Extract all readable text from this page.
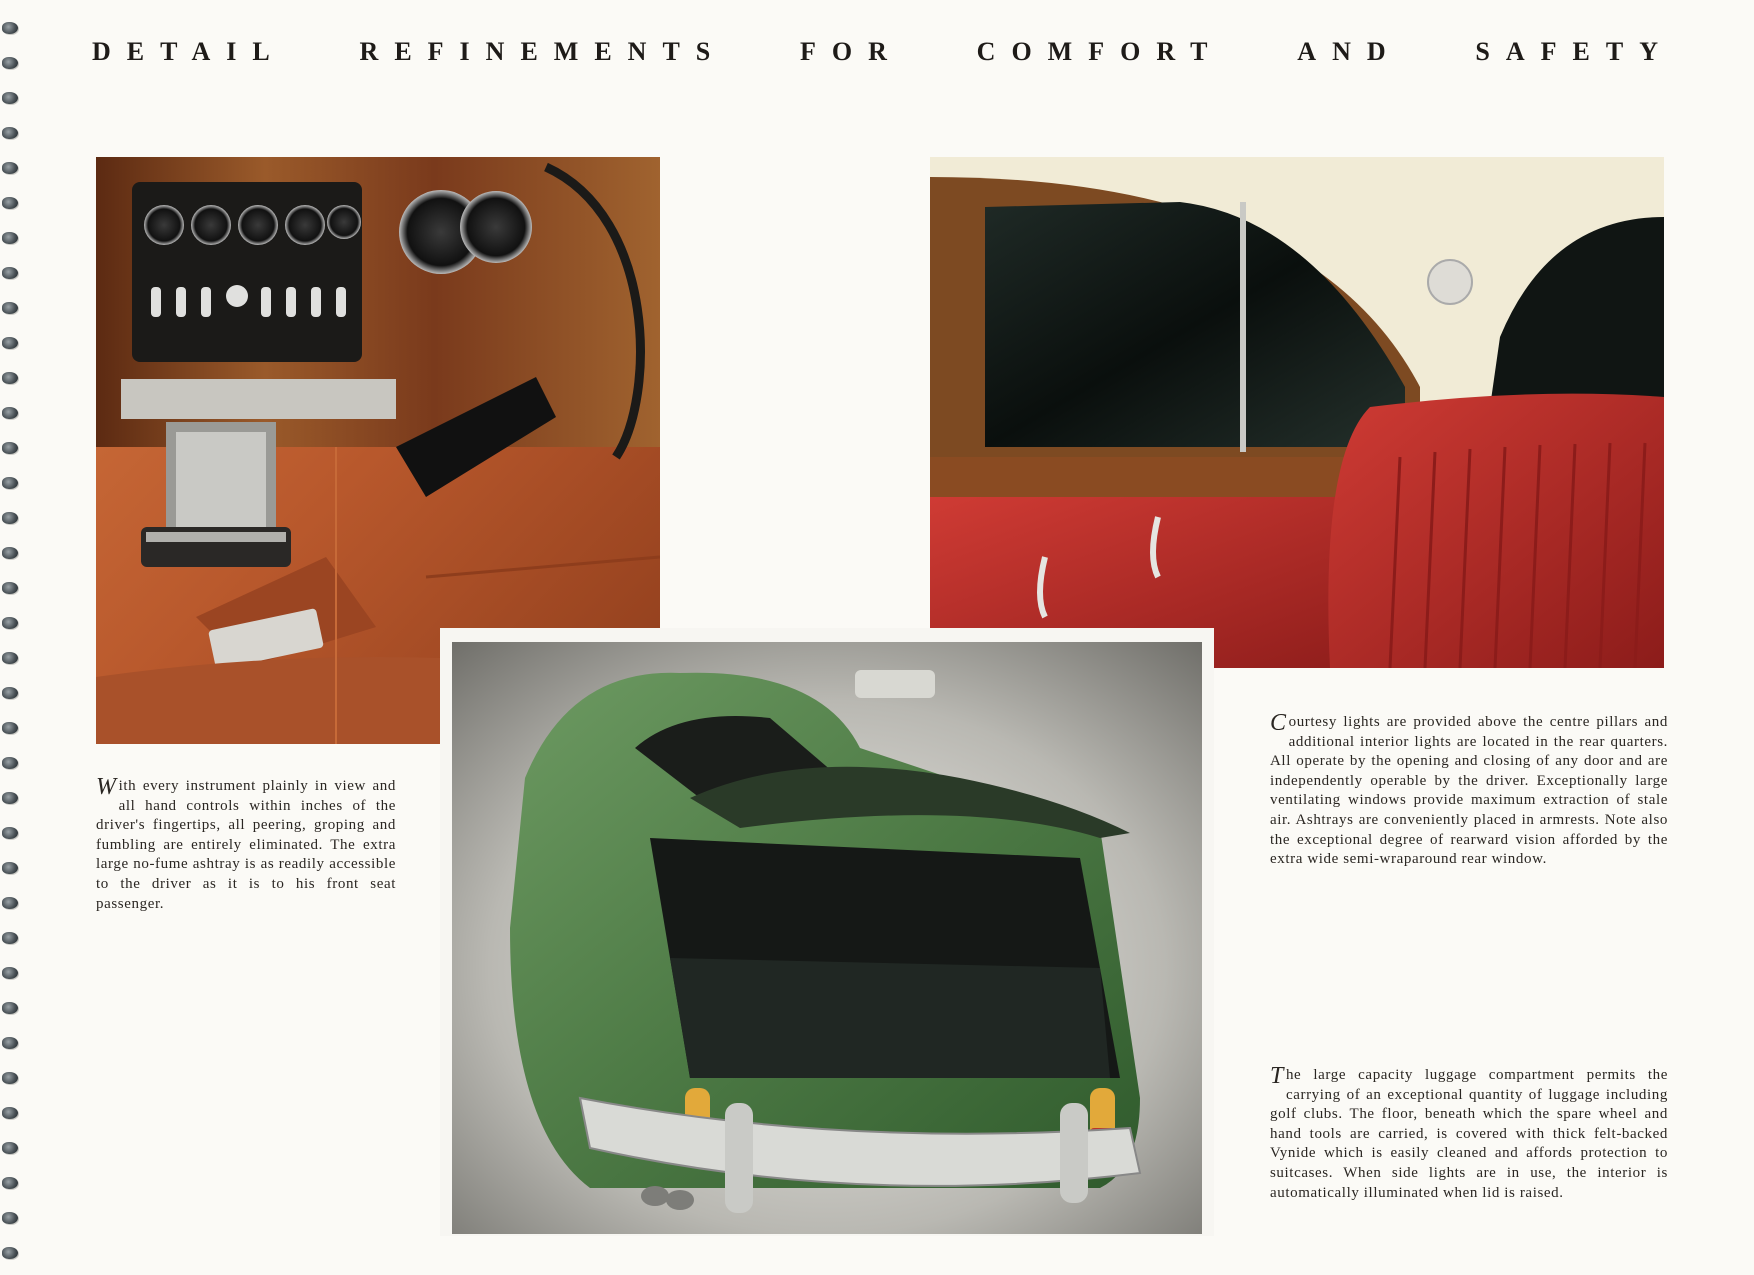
DETAIL	REFINEMENTS	FOR	COMFORT	AND	SAFETY
With every instrument plainly in view and all hand controls within inches of the driver's fingertips, all peering, groping and fumbling are entirely eliminated. The extra large no-fume ashtray is as readily accessible to the driver as it is to his front seat passenger.
Courtesy lights are provided above the centre pillars and additional interior lights are located in the rear quarters. All operate by the opening and closing of any door and are independently operable by the driver. Exceptionally large ventilating windows provide maximum extraction of stale air. Ashtrays are conveniently placed in armrests. Note also the exceptional degree of rearward vision afforded by the extra wide semi-wraparound rear window.
The large capacity luggage compartment permits the carrying of an exceptional quantity of luggage including golf clubs. The floor, beneath which the spare wheel and hand tools are carried, is covered with thick felt-backed Vynide which is easily cleaned and affords protection to suitcases. When side lights are in use, the interior is automatically illuminated when lid is raised.
